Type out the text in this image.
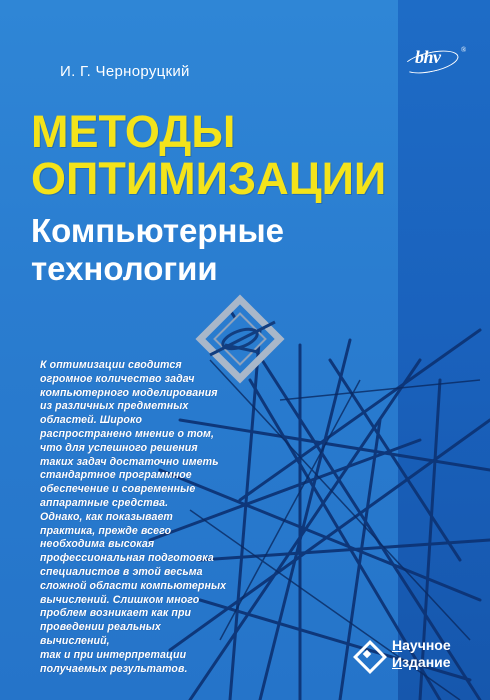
bhv	®
И. Г. Черноруцкий
МЕТОДЫ
ОПТИМИЗАЦИИ
Компьютерные
технологии
К оптимизации сводится
огромное количество задач
компьютерного моделирования
из различных предметных
областей. Широко
распространено мнение о том,
что для успешного решения
таких задач достаточно иметь
стандартное программное
обеспечение и современные
аппаратные средства.
Однако, как показывает
практика, прежде всего
необходима высокая
профессиональная подготовка
специалистов в этой весьма
сложной области компьютерных
вычислений. Слишком много
проблем возникает как при
проведении реальных
вычислений,
так и при интерпретации
получаемых результатов.
Научное
Издание
